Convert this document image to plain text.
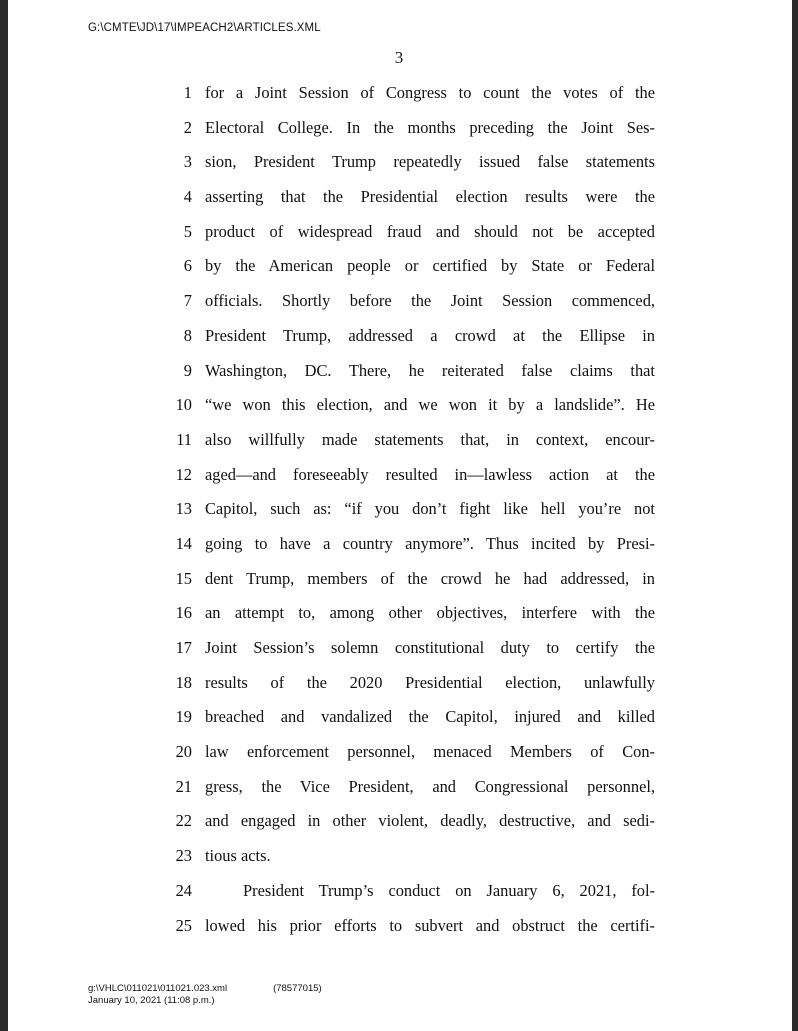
G:\CMTE\JD\17\IMPEACH2\ARTICLES.XML
3
1 for a Joint Session of Congress to count the votes of the
2 Electoral College. In the months preceding the Joint Ses-
3 sion, President Trump repeatedly issued false statements
4 asserting that the Presidential election results were the
5 product of widespread fraud and should not be accepted
6 by the American people or certified by State or Federal
7 officials. Shortly before the Joint Session commenced,
8 President Trump, addressed a crowd at the Ellipse in
9 Washington, DC. There, he reiterated false claims that
10 “we won this election, and we won it by a landslide”. He
11 also willfully made statements that, in context, encour-
12 aged—and foreseeably resulted in—lawless action at the
13 Capitol, such as: “if you don’t fight like hell you’re not
14 going to have a country anymore”. Thus incited by Presi-
15 dent Trump, members of the crowd he had addressed, in
16 an attempt to, among other objectives, interfere with the
17 Joint Session’s solemn constitutional duty to certify the
18 results of the 2020 Presidential election, unlawfully
19 breached and vandalized the Capitol, injured and killed
20 law enforcement personnel, menaced Members of Con-
21 gress, the Vice President, and Congressional personnel,
22 and engaged in other violent, deadly, destructive, and sedi-
23 tious acts.
24	President Trump’s conduct on January 6, 2021, fol-
25 lowed his prior efforts to subvert and obstruct the certifi-
g:\VHLC\011021\011021.023.xml	(78577015)
January 10, 2021 (11:08 p.m.)
